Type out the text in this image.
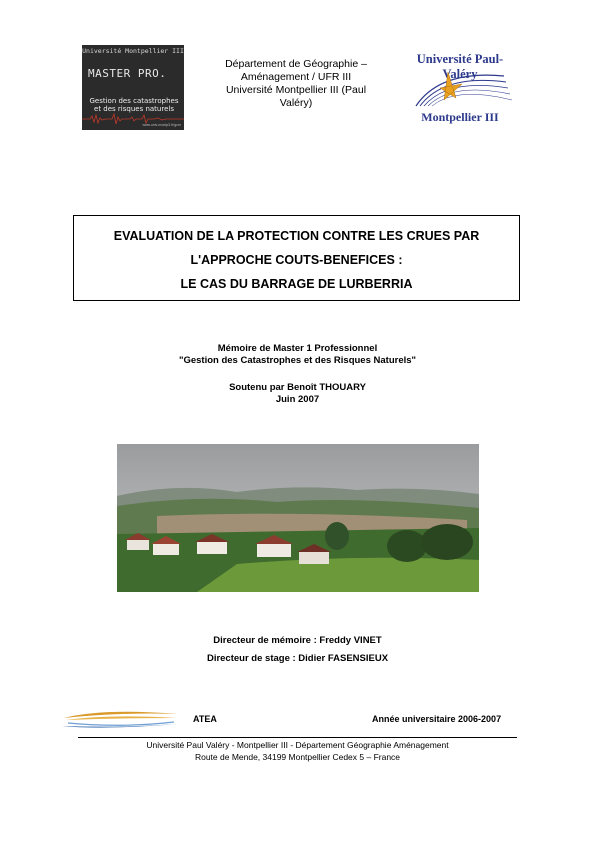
Université Montpellier III
MASTER PRO.
Gestion des catastrophes
et des risques naturels
www.univ-montp3.fr/gcrn
Département de Géographie –
Aménagement / UFR III
Université Montpellier III (Paul
Valéry)
Université Paul-Valéry
Montpellier III
EVALUATION DE LA PROTECTION CONTRE LES CRUES PAR
L'APPROCHE COUTS-BENEFICES :
LE CAS DU BARRAGE DE LURBERRIA
Mémoire de Master 1 Professionnel
"Gestion des Catastrophes et des Risques Naturels"
Soutenu par Benoît THOUARY
Juin 2007
Directeur de mémoire : Freddy VINET
Directeur de stage : Didier FASENSIEUX
ATEA	Année universitaire 2006-2007
Université Paul Valéry - Montpellier III - Département Géographie Aménagement
Route de Mende, 34199 Montpellier Cedex 5 – France
